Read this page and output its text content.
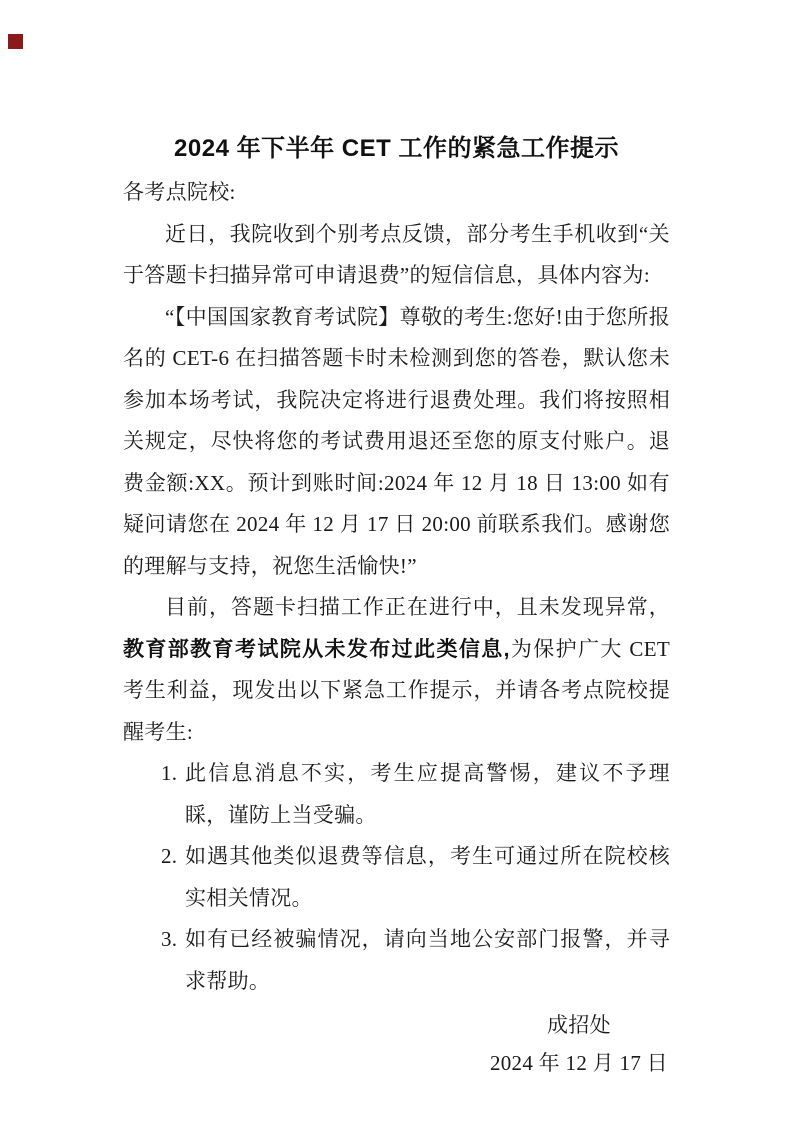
2024 年下半年 CET 工作的紧急工作提示

各考点院校:

近日，我院收到个别考点反馈，部分考生手机收到“关于答题卡扫描异常可申请退费”的短信信息，具体内容为:

“【中国国家教育考试院】尊敬的考生:您好!由于您所报名的 CET-6 在扫描答题卡时未检测到您的答卷，默认您未参加本场考试，我院决定将进行退费处理。我们将按照相关规定，尽快将您的考试费用退还至您的原支付账户。退费金额:XX。预计到账时间:2024 年 12 月 18 日 13:00 如有疑问请您在 2024 年 12 月 17 日 20:00 前联系我们。感谢您的理解与支持，祝您生活愉快!”

目前，答题卡扫描工作正在进行中，且未发现异常，教育部教育考试院从未发布过此类信息,为保护广大 CET 考生利益，现发出以下紧急工作提示，并请各考点院校提醒考生:

1. 此信息消息不实，考生应提高警惕，建议不予理睬，谨防上当受骗。
2. 如遇其他类似退费等信息，考生可通过所在院校核实相关情况。
3. 如有已经被骗情况，请向当地公安部门报警，并寻求帮助。
成招处
2024 年 12 月 17 日
